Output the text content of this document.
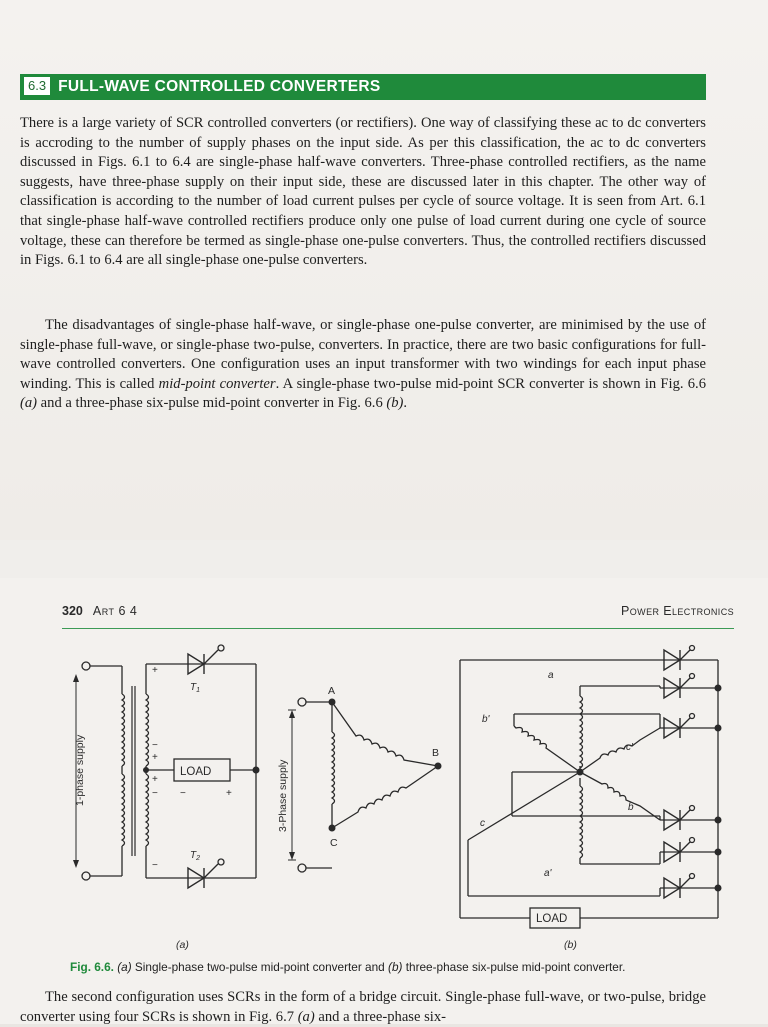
6.3 FULL-WAVE CONTROLLED CONVERTERS

There is a large variety of SCR controlled converters (or rectifiers). One way of classifying these ac to dc converters is accroding to the number of supply phases on the input side. As per this classification, the ac to dc converters discussed in Figs. 6.1 to 6.4 are single-phase half-wave converters. Three-phase controlled rectifiers, as the name suggests, have three-phase supply on their input side, these are discussed later in this chapter. The other way of classification is according to the number of load current pulses per cycle of source voltage. It is seen from Art. 6.1 that single-phase half-wave controlled rectifiers produce only one pulse of load current during one cycle of source voltage, these can therefore be termed as single-phase one-pulse converters. Thus, the controlled rectifiers discussed in Figs. 6.1 to 6.4 are all single-phase one-pulse converters.

The disadvantages of single-phase half-wave, or single-phase one-pulse converter, are minimised by the use of single-phase full-wave, or single-phase two-pulse, converters. In practice, there are two basic configurations for full-wave controlled converters. One configuration uses an input transformer with two windings for each input phase winding. This is called mid-point converter. A single-phase two-pulse mid-point SCR converter is shown in Fig. 6.6 (a) and a three-phase six-pulse mid-point converter in Fig. 6.6 (b).

320 Art 6 4	Power Electronics
1-phase supply
$T_1$
$T_2$
LOAD
+
−
+
+
−
−
−	+
(a)
3-Phase supply
A
B
C
a
b'
c'
b
c
a'
LOAD
(b)
Fig. 6.6. (a) Single-phase two-pulse mid-point converter and (b) three-phase six-pulse mid-point converter.

The second configuration uses SCRs in the form of a bridge circuit. Single-phase full-wave, or two-pulse, bridge converter using four SCRs is shown in Fig. 6.7 (a) and a three-phase six-
